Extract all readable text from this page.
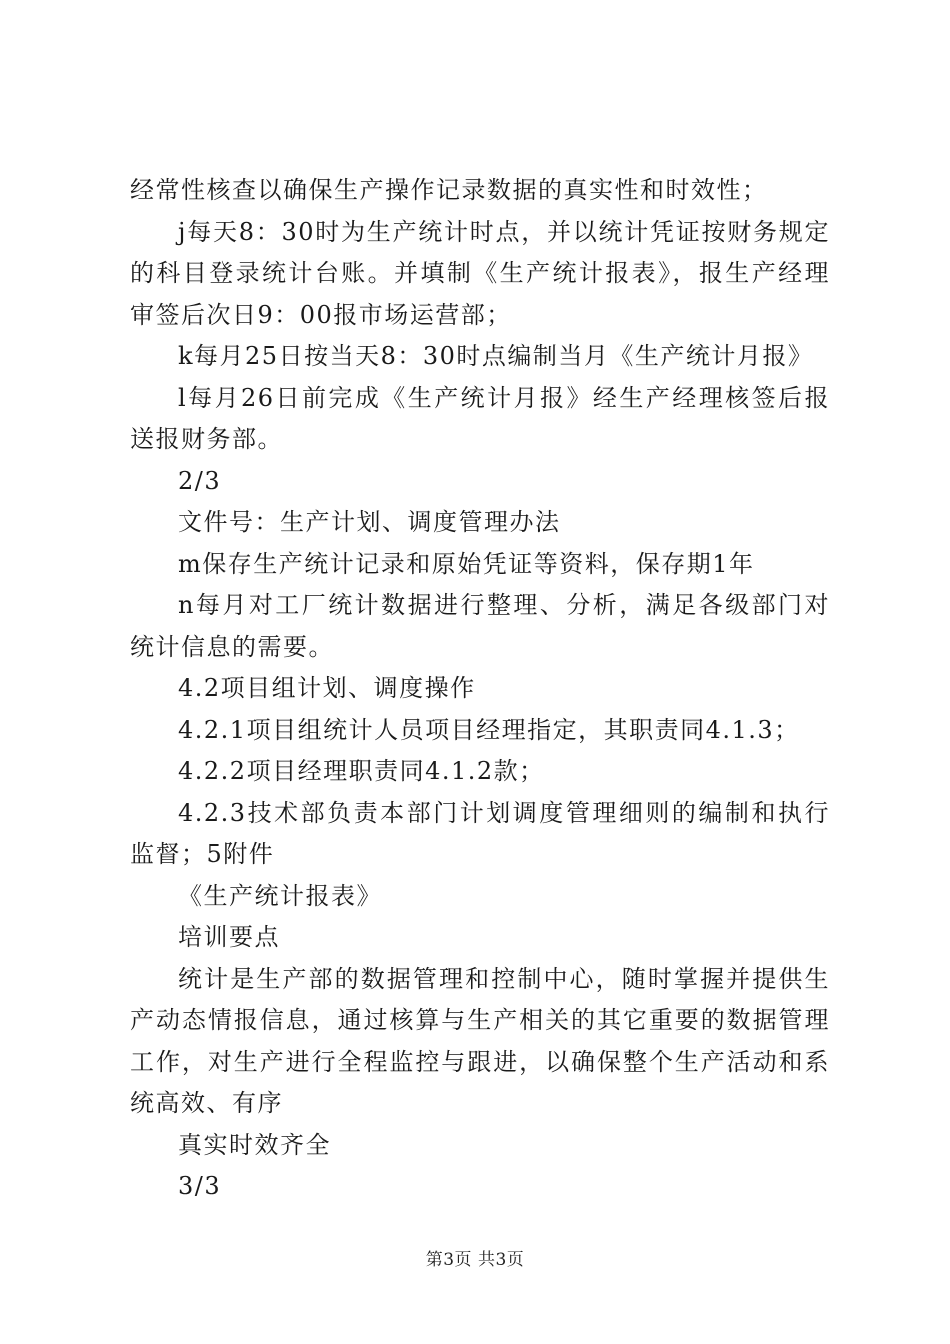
经常性核查以确保生产操作记录数据的真实性和时效性；

j每天8：30时为生产统计时点，并以统计凭证按财务规定的科目登录统计台账。并填制《生产统计报表》，报生产经理审签后次日9：00报市场运营部；

k每月25日按当天8：30时点编制当月《生产统计月报》

l每月26日前完成《生产统计月报》经生产经理核签后报送报财务部。

2/3

文件号：生产计划、调度管理办法

m保存生产统计记录和原始凭证等资料，保存期1年

n每月对工厂统计数据进行整理、分析，满足各级部门对统计信息的需要。

4.2项目组计划、调度操作

4.2.1项目组统计人员项目经理指定，其职责同4.1.3；

4.2.2项目经理职责同4.1.2款；

4.2.3技术部负责本部门计划调度管理细则的编制和执行监督；5附件

《生产统计报表》

培训要点

统计是生产部的数据管理和控制中心，随时掌握并提供生产动态情报信息，通过核算与生产相关的其它重要的数据管理工作，对生产进行全程监控与跟进，以确保整个生产活动和系统高效、有序

真实时效齐全

3/3

第3页 共3页
